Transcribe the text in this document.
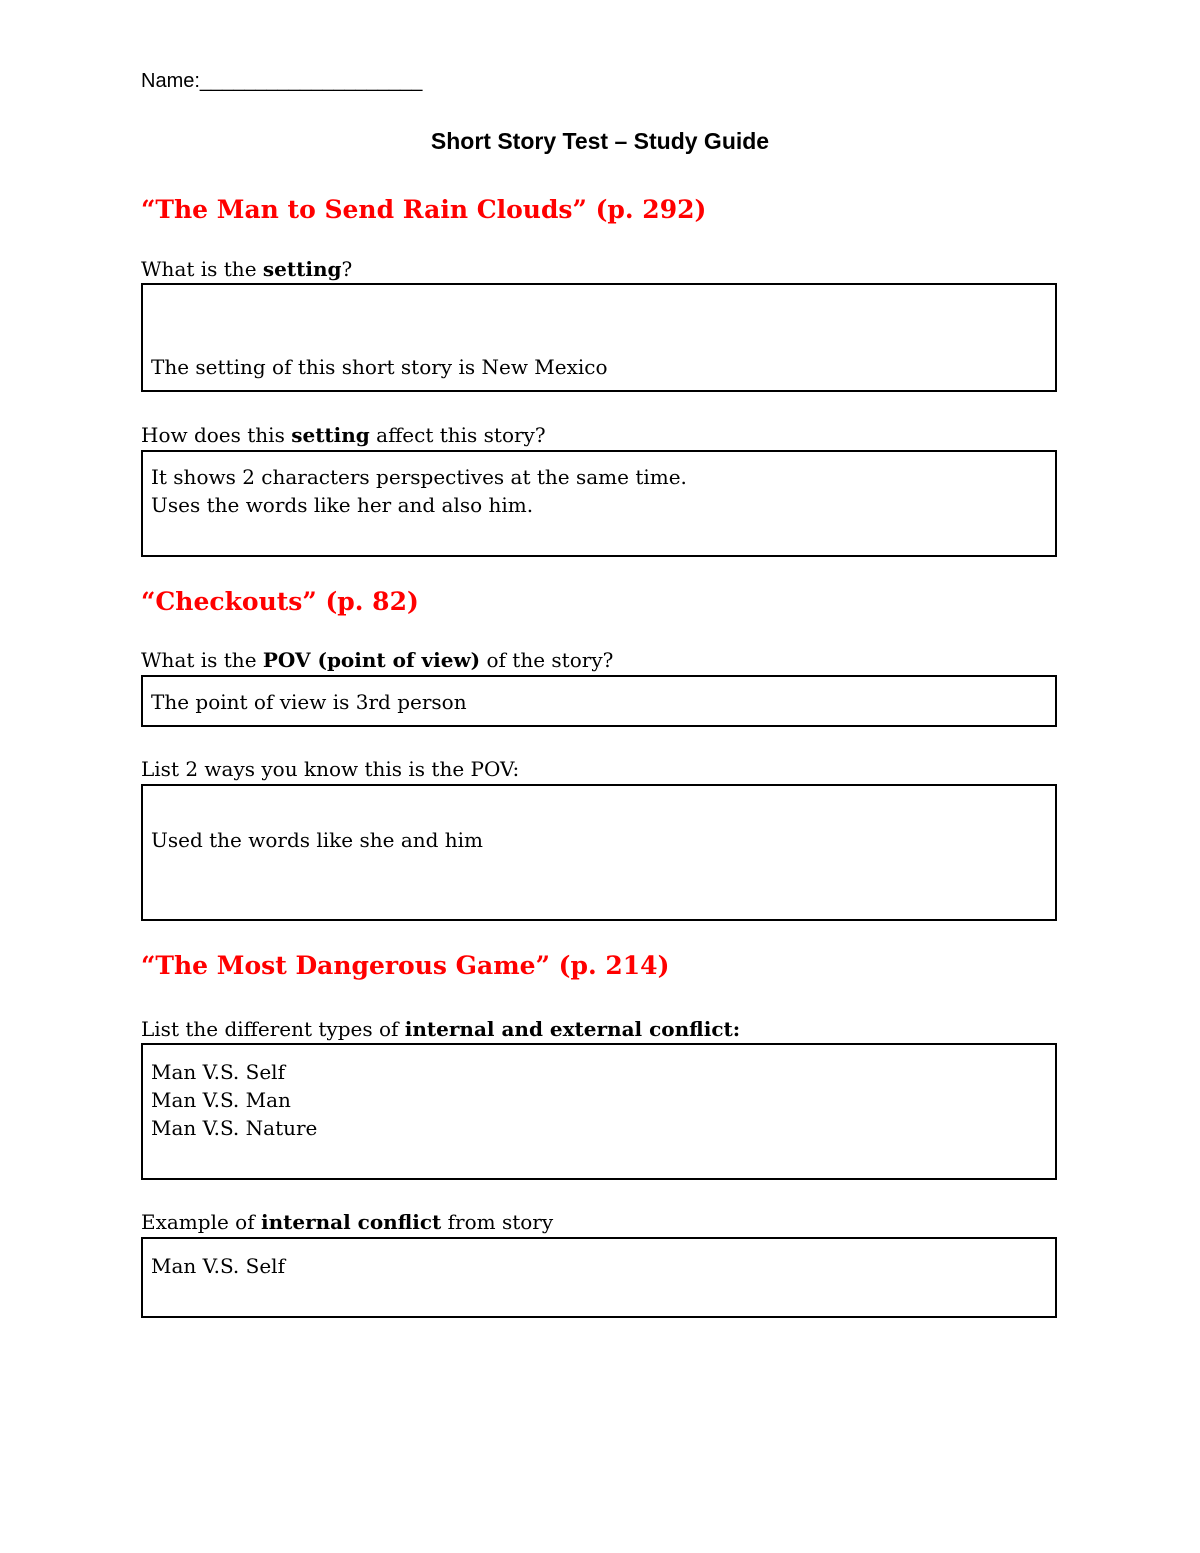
Name:____________________
Short Story Test – Study Guide
“The Man to Send Rain Clouds” (p. 292)
What is the setting?
The setting of this short story is New Mexico
How does this setting affect this story?
It shows 2 characters perspectives at the same time.
Uses the words like her and also him.
“Checkouts” (p. 82)
What is the POV (point of view) of the story?
The point of view is 3rd person
List 2 ways you know this is the POV:
Used the words like she and him
“The Most Dangerous Game” (p. 214)
List the different types of internal and external conflict:
Man V.S. Self
Man V.S. Man
Man V.S. Nature
Example of internal conflict from story
Man V.S. Self
